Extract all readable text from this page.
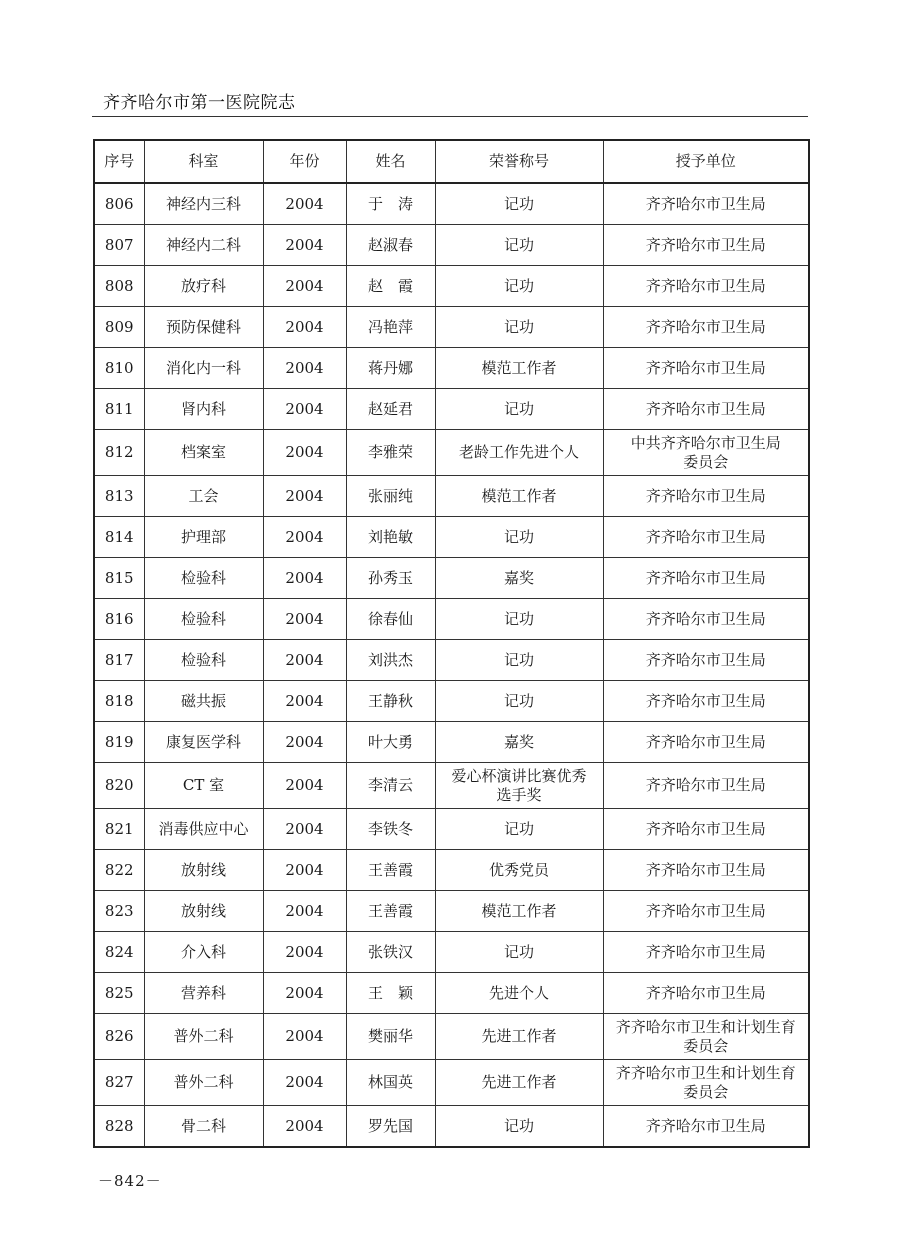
齐齐哈尔市第一医院院志
序号	科室	年份	姓名	荣誉称号	授予单位
806	神经内三科	2004	于　涛	记功	齐齐哈尔市卫生局
807	神经内二科	2004	赵淑春	记功	齐齐哈尔市卫生局
808	放疗科	2004	赵　霞	记功	齐齐哈尔市卫生局
809	预防保健科	2004	冯艳萍	记功	齐齐哈尔市卫生局
810	消化内一科	2004	蒋丹娜	模范工作者	齐齐哈尔市卫生局
811	肾内科	2004	赵延君	记功	齐齐哈尔市卫生局
812	档案室	2004	李雅荣	老龄工作先进个人	中共齐齐哈尔市卫生局
委员会
813	工会	2004	张丽纯	模范工作者	齐齐哈尔市卫生局
814	护理部	2004	刘艳敏	记功	齐齐哈尔市卫生局
815	检验科	2004	孙秀玉	嘉奖	齐齐哈尔市卫生局
816	检验科	2004	徐春仙	记功	齐齐哈尔市卫生局
817	检验科	2004	刘洪杰	记功	齐齐哈尔市卫生局
818	磁共振	2004	王静秋	记功	齐齐哈尔市卫生局
819	康复医学科	2004	叶大勇	嘉奖	齐齐哈尔市卫生局
820	CT 室	2004	李清云	爱心杯演讲比赛优秀
选手奖	齐齐哈尔市卫生局
821	消毒供应中心	2004	李铁冬	记功	齐齐哈尔市卫生局
822	放射线	2004	王善霞	优秀党员	齐齐哈尔市卫生局
823	放射线	2004	王善霞	模范工作者	齐齐哈尔市卫生局
824	介入科	2004	张铁汉	记功	齐齐哈尔市卫生局
825	营养科	2004	王　颖	先进个人	齐齐哈尔市卫生局
826	普外二科	2004	樊丽华	先进工作者	齐齐哈尔市卫生和计划生育
委员会
827	普外二科	2004	林国英	先进工作者	齐齐哈尔市卫生和计划生育
委员会
828	骨二科	2004	罗先国	记功	齐齐哈尔市卫生局
－842－
